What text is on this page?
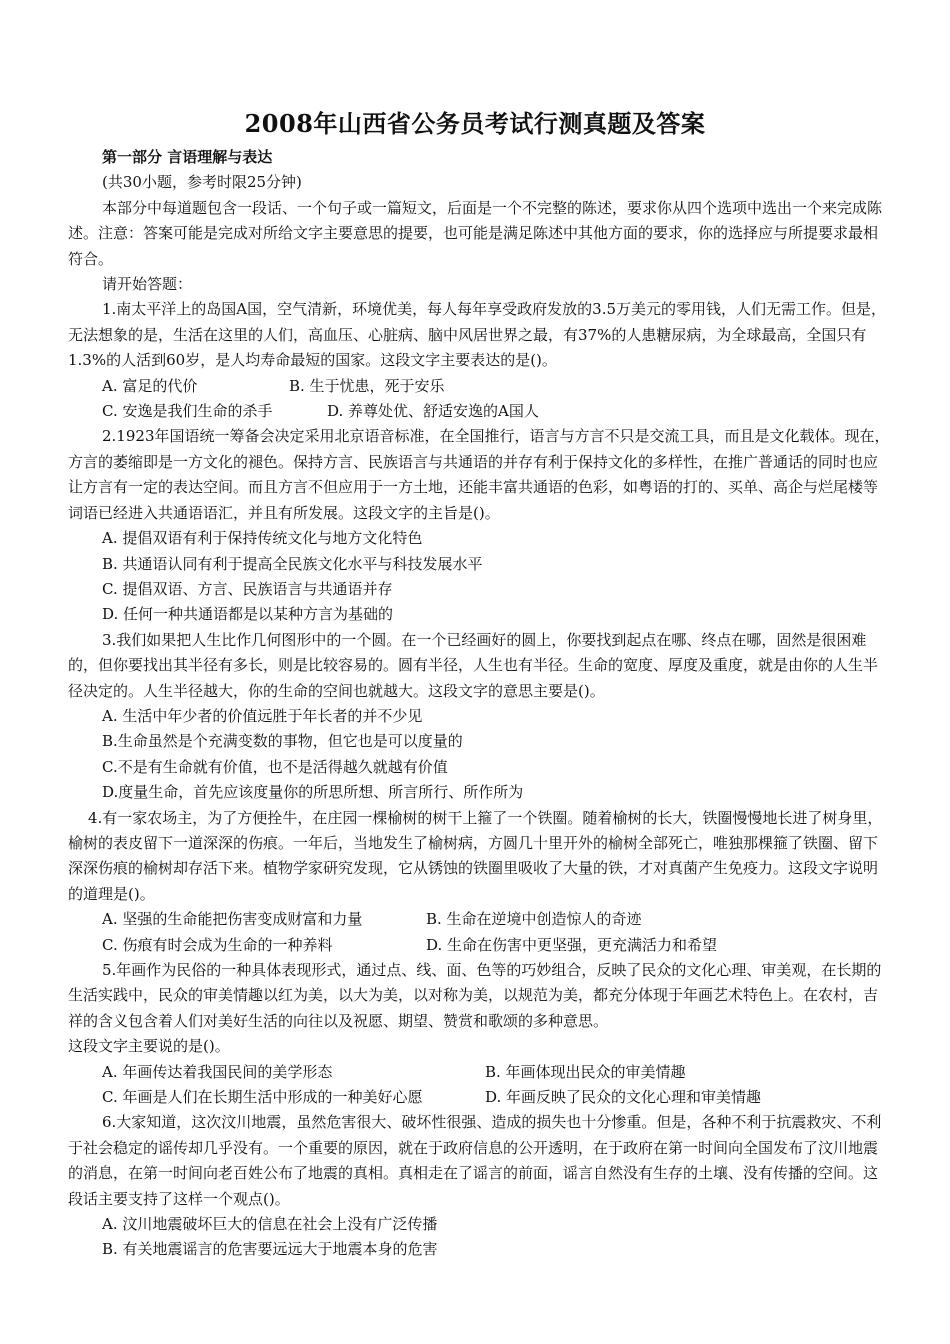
2008年山西省公务员考试行测真题及答案

第一部分 言语理解与表达

(共30小题，参考时限25分钟)

本部分中每道题包含一段话、一个句子或一篇短文，后面是一个不完整的陈述，要求你从四个选项中选出一个来完成陈述。注意：答案可能是完成对所给文字主要意思的提要，也可能是满足陈述中其他方面的要求，你的选择应与所提要求最相符合。

请开始答题：

1.南太平洋上的岛国A国，空气清新，环境优美，每人每年享受政府发放的3.5万美元的零用钱，人们无需工作。但是，无法想象的是，生活在这里的人们，高血压、心脏病、脑中风居世界之最，有37%的人患糖尿病，为全球最高，全国只有1.3%的人活到60岁，是人均寿命最短的国家。这段文字主要表达的是()。

A. 富足的代价	B. 生于忧患，死于安乐

C. 安逸是我们生命的杀手	D. 养尊处优、舒适安逸的A国人

2.1923年国语统一筹备会决定采用北京语音标准，在全国推行，语言与方言不只是交流工具，而且是文化载体。现在，方言的萎缩即是一方文化的褪色。保持方言、民族语言与共通语的并存有利于保持文化的多样性，在推广普通话的同时也应让方言有一定的表达空间。而且方言不但应用于一方土地，还能丰富共通语的色彩，如粤语的打的、买单、高企与烂尾楼等词语已经进入共通语语汇，并且有所发展。这段文字的主旨是()。

A. 提倡双语有利于保持传统文化与地方文化特色

B. 共通语认同有利于提高全民族文化水平与科技发展水平

C. 提倡双语、方言、民族语言与共通语并存

D. 任何一种共通语都是以某种方言为基础的

3.我们如果把人生比作几何图形中的一个圆。在一个已经画好的圆上，你要找到起点在哪、终点在哪，固然是很困难的，但你要找出其半径有多长，则是比较容易的。圆有半径，人生也有半径。生命的宽度、厚度及重度，就是由你的人生半径决定的。人生半径越大，你的生命的空间也就越大。这段文字的意思主要是()。

A. 生活中年少者的价值远胜于年长者的并不少见

B.生命虽然是个充满变数的事物，但它也是可以度量的

C.不是有生命就有价值，也不是活得越久就越有价值

D.度量生命，首先应该度量你的所思所想、所言所行、所作所为

4.有一家农场主，为了方便拴牛，在庄园一棵榆树的树干上箍了一个铁圈。随着榆树的长大，铁圈慢慢地长进了树身里，榆树的表皮留下一道深深的伤痕。一年后，当地发生了榆树病，方圆几十里开外的榆树全部死亡，唯独那棵箍了铁圈、留下深深伤痕的榆树却存活下来。植物学家研究发现，它从锈蚀的铁圈里吸收了大量的铁，才对真菌产生免疫力。这段文字说明的道理是()。

A. 坚强的生命能把伤害变成财富和力量	B. 生命在逆境中创造惊人的奇迹

C. 伤痕有时会成为生命的一种养料	D. 生命在伤害中更坚强，更充满活力和希望

5.年画作为民俗的一种具体表现形式，通过点、线、面、色等的巧妙组合，反映了民众的文化心理、审美观，在长期的生活实践中，民众的审美情趣以红为美，以大为美，以对称为美，以规范为美，都充分体现于年画艺术特色上。在农村，吉祥的含义包含着人们对美好生活的向往以及祝愿、期望、赞赏和歌颂的多种意思。

这段文字主要说的是()。

A. 年画传达着我国民间的美学形态	B. 年画体现出民众的审美情趣

C. 年画是人们在长期生活中形成的一种美好心愿	D. 年画反映了民众的文化心理和审美情趣

6.大家知道，这次汶川地震，虽然危害很大、破坏性很强、造成的损失也十分惨重。但是，各种不利于抗震救灾、不利于社会稳定的谣传却几乎没有。一个重要的原因，就在于政府信息的公开透明，在于政府在第一时间向全国发布了汶川地震的消息，在第一时间向老百姓公布了地震的真相。真相走在了谣言的前面，谣言自然没有生存的土壤、没有传播的空间。这段话主要支持了这样一个观点()。

A. 汶川地震破坏巨大的信息在社会上没有广泛传播

B. 有关地震谣言的危害要远远大于地震本身的危害
